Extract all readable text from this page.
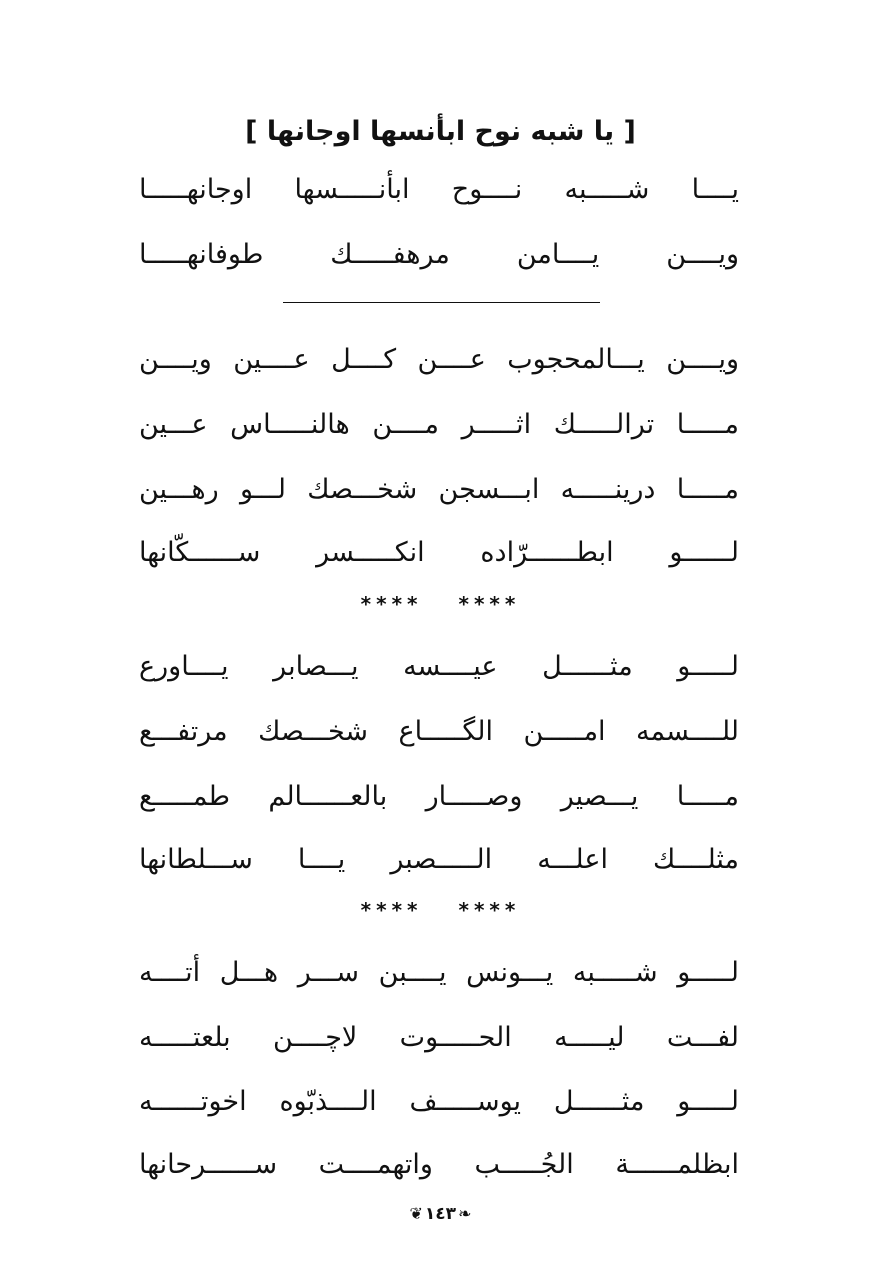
[ يا شبه نوح ابأنسها اوجانها ]
يــــا شـــــبه نــــوح ابأنـــــسها اوجانهـــــا
ويــــن يــــامن مرهفـــــك طوفانهـــــا
ويــــن يـــالمحجوب عــــن كــــل عــــين ويــــن
مـــــا ترالـــــك اثـــــر مــــن هالنـــــاس عـــين
مـــــا درينـــــه ابـــسجن شخـــصك لـــو رهـــين
لــــــو ابطــــــرّاده انكـــــسر ســــــكّانها
**** ****
لـــــو مثــــــل عيــــسه يـــصابر يــــاورع
للــــسمه امـــــن الگـــــاع شخـــصك مرتفـــع
مـــــا يـــصير وصـــــار بالعــــــالم طمـــــع
مثلــــك اعلـــه الـــــصبر يــــا ســـلطانها
**** ****
لـــــو شـــــبه يـــونس يــــبن ســـر هـــل أتــــه
لفـــت ليـــــه الحـــــوت لاچــــن بلعتـــــه
لـــــو مثــــــل يوســـــف الــــذبّوه اخوتــــــه
ابظلمــــــة الجُـــــب واتهمــــت ســــــرحانها
❦ ١٤٣ ❧
